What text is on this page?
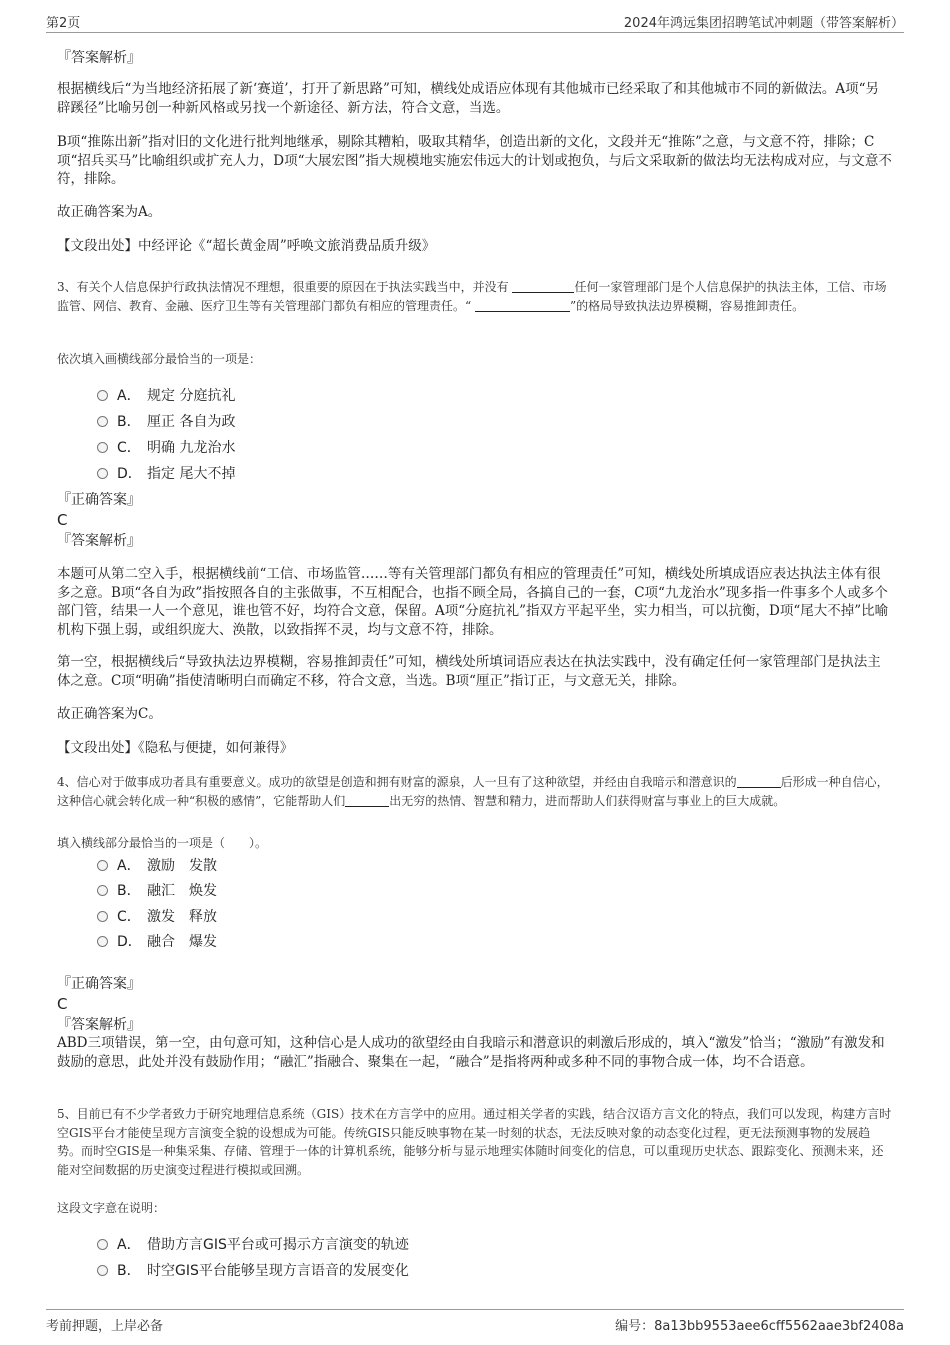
第2页	2024年鸿远集团招聘笔试冲刺题（带答案解析）
『答案解析』

根据横线后“为当地经济拓展了新‘赛道’，打开了新思路”可知，横线处成语应体现有其他城市已经采取了和其他城市不同的新做法。A项“另辟蹊径”比喻另创一种新风格或另找一个新途径、新方法，符合文意，当选。

B项“推陈出新”指对旧的文化进行批判地继承，剔除其糟粕，吸取其精华，创造出新的文化，文段并无“推陈”之意，与文意不符，排除；C项“招兵买马”比喻组织或扩充人力，D项“大展宏图”指大规模地实施宏伟远大的计划或抱负，与后文采取新的做法均无法构成对应，与文意不符，排除。

故正确答案为A。

【文段出处】中经评论《“超长黄金周”呼唤文旅消费品质升级》

3、有关个人信息保护行政执法情况不理想，很重要的原因在于执法实践当中，并没有	任何一家管理部门是个人信息保护的执法主体，工信、市场监管、网信、教育、金融、医疗卫生等有关管理部门都负有相应的管理责任。“	”的格局导致执法边界模糊，容易推卸责任。

依次填入画横线部分最恰当的一项是：
A． 规定 分庭抗礼
B． 厘正 各自为政
C． 明确 九龙治水
D． 指定 尾大不掉
『正确答案』
C
『答案解析』

本题可从第二空入手，根据横线前“工信、市场监管……等有关管理部门都负有相应的管理责任”可知，横线处所填成语应表达执法主体有很多之意。B项“各自为政”指按照各自的主张做事，不互相配合，也指不顾全局，各搞自己的一套，C项“九龙治水”现多指一件事多个人或多个部门管，结果一人一个意见，谁也管不好，均符合文意，保留。A项“分庭抗礼”指双方平起平坐，实力相当，可以抗衡，D项“尾大不掉”比喻机构下强上弱，或组织庞大、涣散，以致指挥不灵，均与文意不符，排除。

第一空，根据横线后“导致执法边界模糊，容易推卸责任”可知，横线处所填词语应表达在执法实践中，没有确定任何一家管理部门是执法主体之意。C项“明确”指使清晰明白而确定不移，符合文意，当选。B项“厘正”指订正，与文意无关，排除。

故正确答案为C。

【文段出处】《隐私与便捷，如何兼得》

4、信心对于做事成功者具有重要意义。成功的欲望是创造和拥有财富的源泉，人一旦有了这种欲望，并经由自我暗示和潜意识的	后形成一种自信心，这种信心就会转化成一种“积极的感情”，它能帮助人们	出无穷的热情、智慧和精力，进而帮助人们获得财富与事业上的巨大成就。

填入横线部分最恰当的一项是（　　）。
A． 激励　发散
B． 融汇　焕发
C． 激发　释放
D． 融合　爆发
『正确答案』
C
『答案解析』

ABD三项错误，第一空，由句意可知，这种信心是人成功的欲望经由自我暗示和潜意识的刺激后形成的，填入“激发”恰当；“激励”有激发和鼓励的意思，此处并没有鼓励作用；“融汇”指融合、聚集在一起，“融合”是指将两种或多种不同的事物合成一体，均不合语意。

5、目前已有不少学者致力于研究地理信息系统（GIS）技术在方言学中的应用。通过相关学者的实践，结合汉语方言文化的特点，我们可以发现，构建方言时空GIS平台才能使呈现方言演变全貌的设想成为可能。传统GIS只能反映事物在某一时刻的状态，无法反映对象的动态变化过程，更无法预测事物的发展趋势。而时空GIS是一种集采集、存储、管理于一体的计算机系统，能够分析与显示地理实体随时间变化的信息，可以重现历史状态、跟踪变化、预测未来，还能对空间数据的历史演变过程进行模拟或回溯。

这段文字意在说明：
A． 借助方言GIS平台或可揭示方言演变的轨迹
B． 时空GIS平台能够呈现方言语音的发展变化
考前押题，上岸必备	编号：8a13bb9553aee6cff5562aae3bf2408a
